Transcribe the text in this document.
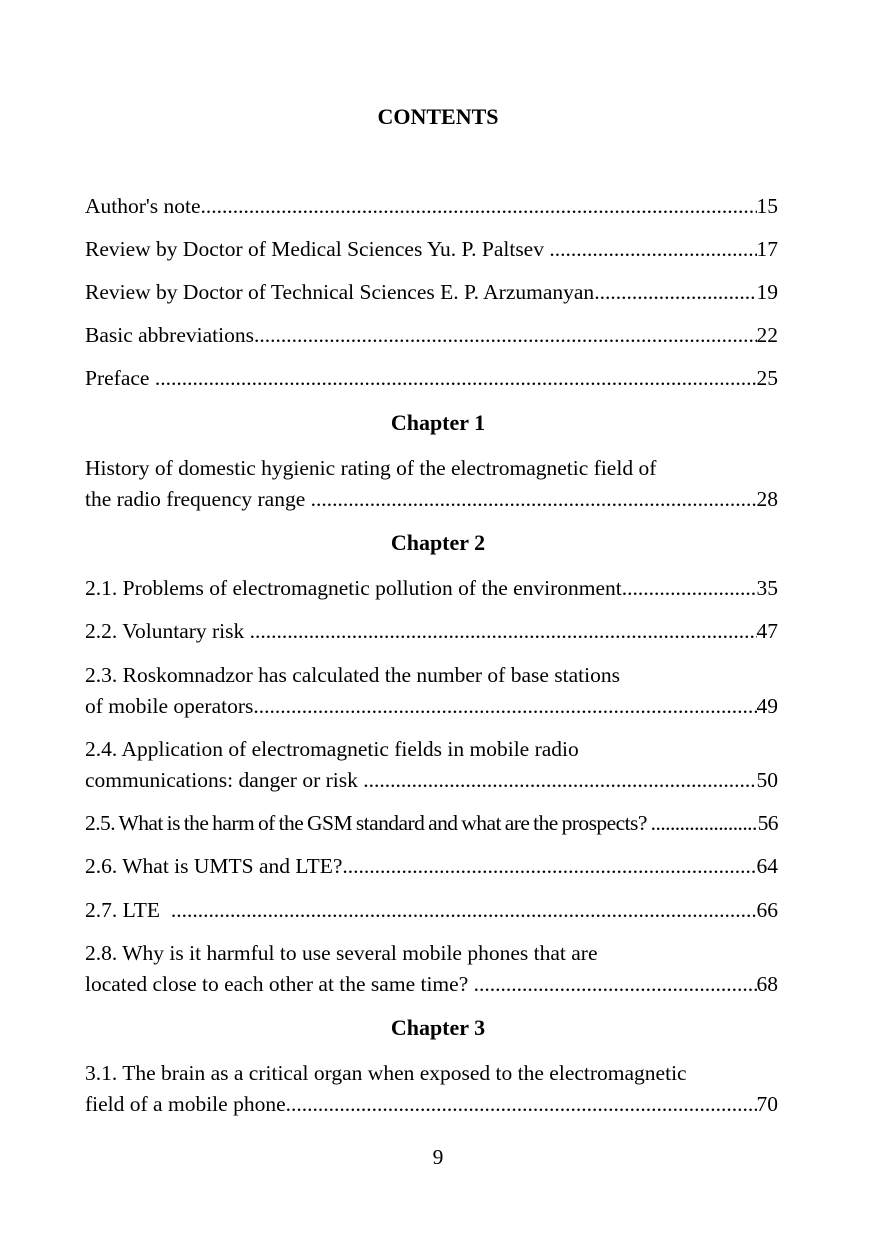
CONTENTS
Author's note .....	15
Review by Doctor of Medical Sciences Yu. P. Paltsev .....	17
Review by Doctor of Technical Sciences E. P. Arzumanyan .....	19
Basic abbreviations .....	22
Preface .....	25
Chapter 1
History of domestic hygienic rating of the electromagnetic field of
the radio frequency range .....	28
Chapter 2
2.1. Problems of electromagnetic pollution of the environment .....	35
2.2. Voluntary risk .....	47
2.3. Roskomnadzor has calculated the number of base stations
of mobile operators .....	49
2.4. Application of electromagnetic fields in mobile radio
communications: danger or risk .....	50
2.5. What is the harm of the GSM standard and what are the prospects? .....	56
2.6. What is UMTS and LTE? .....	64
2.7. LTE .....	66
2.8. Why is it harmful to use several mobile phones that are
located close to each other at the same time? .....	68
Chapter 3
3.1. The brain as a critical organ when exposed to the electromagnetic
field of a mobile phone .....	70
9
